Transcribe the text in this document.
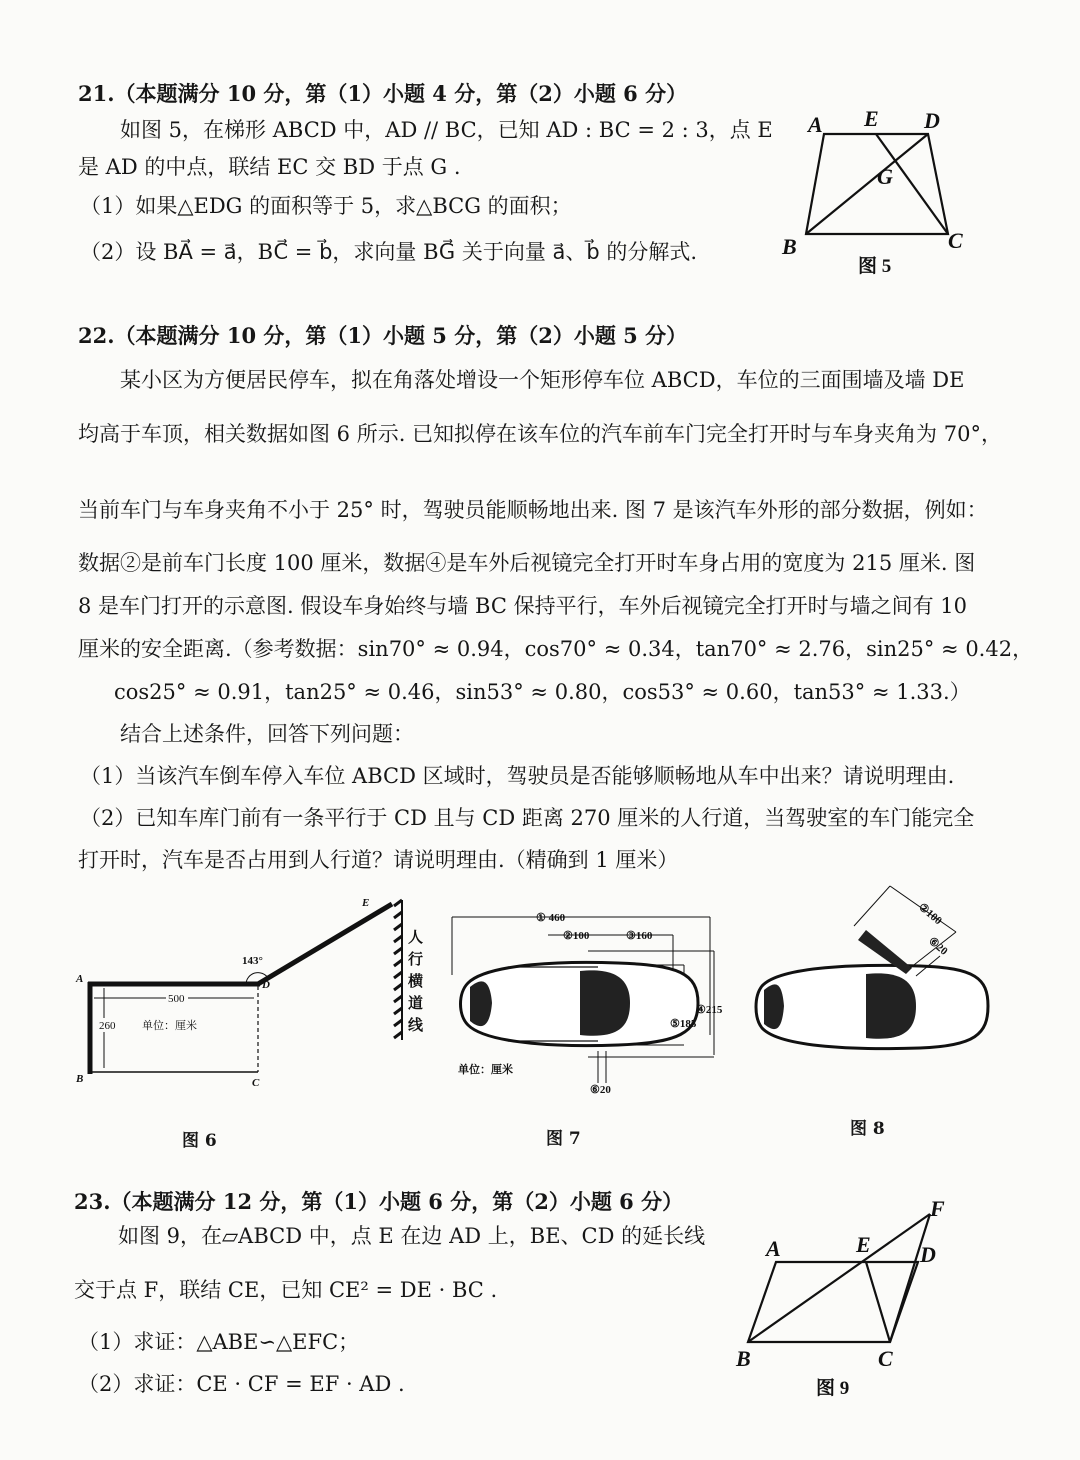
21.（本题满分 10 分，第（1）小题 4 分，第（2）小题 6 分）
如图 5，在梯形 ABCD 中，AD // BC，已知 AD : BC = 2 : 3，点 E
是 AD 的中点，联结 EC 交 BD 于点 G .
（1）如果△EDG 的面积等于 5，求△BCG 的面积；
（2）设 BA⃗ = a⃗，BC⃗ = b⃗，求向量 BG⃗ 关于向量 a⃗、b⃗ 的分解式.
A E D
G
B	C
图 5
22.（本题满分 10 分，第（1）小题 5 分，第（2）小题 5 分）
某小区为方便居民停车，拟在角落处增设一个矩形停车位 ABCD，车位的三面围墙及墙 DE
均高于车顶，相关数据如图 6 所示. 已知拟停在该车位的汽车前车门完全打开时与车身夹角为 70°，
当前车门与车身夹角不小于 25° 时，驾驶员能顺畅地出来. 图 7 是该汽车外形的部分数据，例如：
数据②是前车门长度 100 厘米，数据④是车外后视镜完全打开时车身占用的宽度为 215 厘米. 图
8 是车门打开的示意图. 假设车身始终与墙 BC 保持平行，车外后视镜完全打开时与墙之间有 10
厘米的安全距离.（参考数据：sin70° ≈ 0.94，cos70° ≈ 0.34，tan70° ≈ 2.76，sin25° ≈ 0.42，
cos25° ≈ 0.91，tan25° ≈ 0.46，sin53° ≈ 0.80，cos53° ≈ 0.60，tan53° ≈ 1.33.）
结合上述条件，回答下列问题：
（1）当该汽车倒车停入车位 ABCD 区域时，驾驶员是否能够顺畅地从车中出来？请说明理由.
（2）已知车库门前有一条平行于 CD 且与 CD 距离 270 厘米的人行道，当驾驶室的车门能完全
打开时，汽车是否占用到人行道？请说明理由.（精确到 1 厘米）
500
260 单位：厘米
143°
A
B	C
D
E
人
行
横
道
线
图 6
① 460
②100	③160
④215
⑤185
⑥20
单位：厘米
图 7
②100
⑥20
图 8
23.（本题满分 12 分，第（1）小题 6 分，第（2）小题 6 分）
如图 9，在▱ABCD 中，点 E 在边 AD 上，BE、CD 的延长线
交于点 F，联结 CE，已知 CE² = DE · BC .
（1）求证：△ABE∽△EFC；
（2）求证：CE · CF = EF · AD .
A	E D
F
B	C
图 9
